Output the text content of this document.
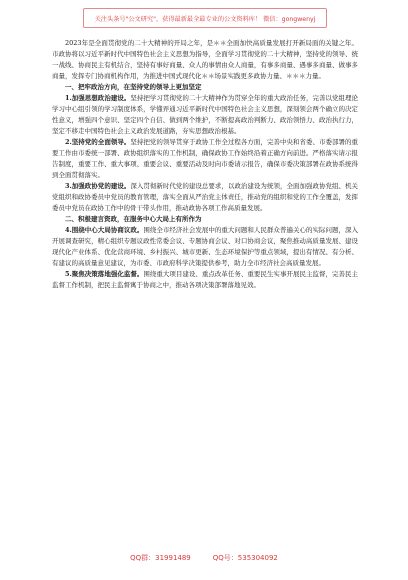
关注头条号"公文研究"，获得最新最全最专业的公文资料库！ 微信：gongwenyj

2023年是全面贯彻党的二十大精神的开局之年，是＊＊全面加快高质量发展打开新局面的关键之年。市政协将以习近平新时代中国特色社会主义思想为指导，全面学习贯彻党的二十大精神，坚持党的领导、统一战线、协商民主有机结合，坚持有事好商量、众人的事情由众人商量，有事多商量、遇事多商量、做事多商量，发挥专门协商机构作用，为推进中国式现代化＊＊场景实践更多政协力量、＊＊＊力量。

一、把牢政治方向，在坚持党的领导上更加坚定

1.加强思想政治建设。坚持把学习贯彻党的二十大精神作为贯穿全年的重大政治任务，完善以党组理论学习中心组引领的学习制度体系，学懂弄通习近平新时代中国特色社会主义思想，深刻领会两个确立的决定性意义，增强四个意识、坚定四个自信、做到两个维护，不断提高政治判断力、政治领悟力、政治执行力，坚定不移走中国特色社会主义政治发展道路，夯实思想政治根基。

2.坚持党的全面领导。坚持把党的领导贯穿于政协工作全过程各方面，完善中央和省委、市委部署的重要工作由市委统一部署、政协组织落实的工作机制，确保政协工作始终沿着正确方向前进。严格落实请示报告制度，重要工作、重大事项、重要会议、重要活动及时向市委请示报告，确保市委决策部署在政协系统得到全面贯彻落实。

3.加强政协党的建设。深入贯彻新时代党的建设总要求，以政治建设为统领，全面加强政协党组、机关党组织和政协委员中党员的教育管理，落实全面从严治党主体责任，推动党的组织和党的工作全覆盖，发挥委员中党员在政协工作中的骨干带头作用，推动政协各项工作高质量发展。

二、积极建言资政，在服务中心大局上有所作为

4.围绕中心大局协商议政。围绕全市经济社会发展中的重大问题和人民群众普遍关心的实际问题，深入开展调查研究，精心组织专题议政性常委会议、专题协商会议、对口协商会议，聚焦推动高质量发展、建设现代化产业体系、优化营商环境、乡村振兴、城市更新、生态环境保护等重点领域，提出有情况、有分析、有建议的高质量意见建议，为市委、市政府科学决策提供参考，助力全市经济社会高质量发展。

5.聚焦决策落地强化监督。围绕重大项目建设、重点改革任务、重要民生实事开展民主监督，完善民主监督工作机制，把民主监督寓于协商之中，推动各项决策部署落地见效。

QQ群：31991489	QQ号：535304092
